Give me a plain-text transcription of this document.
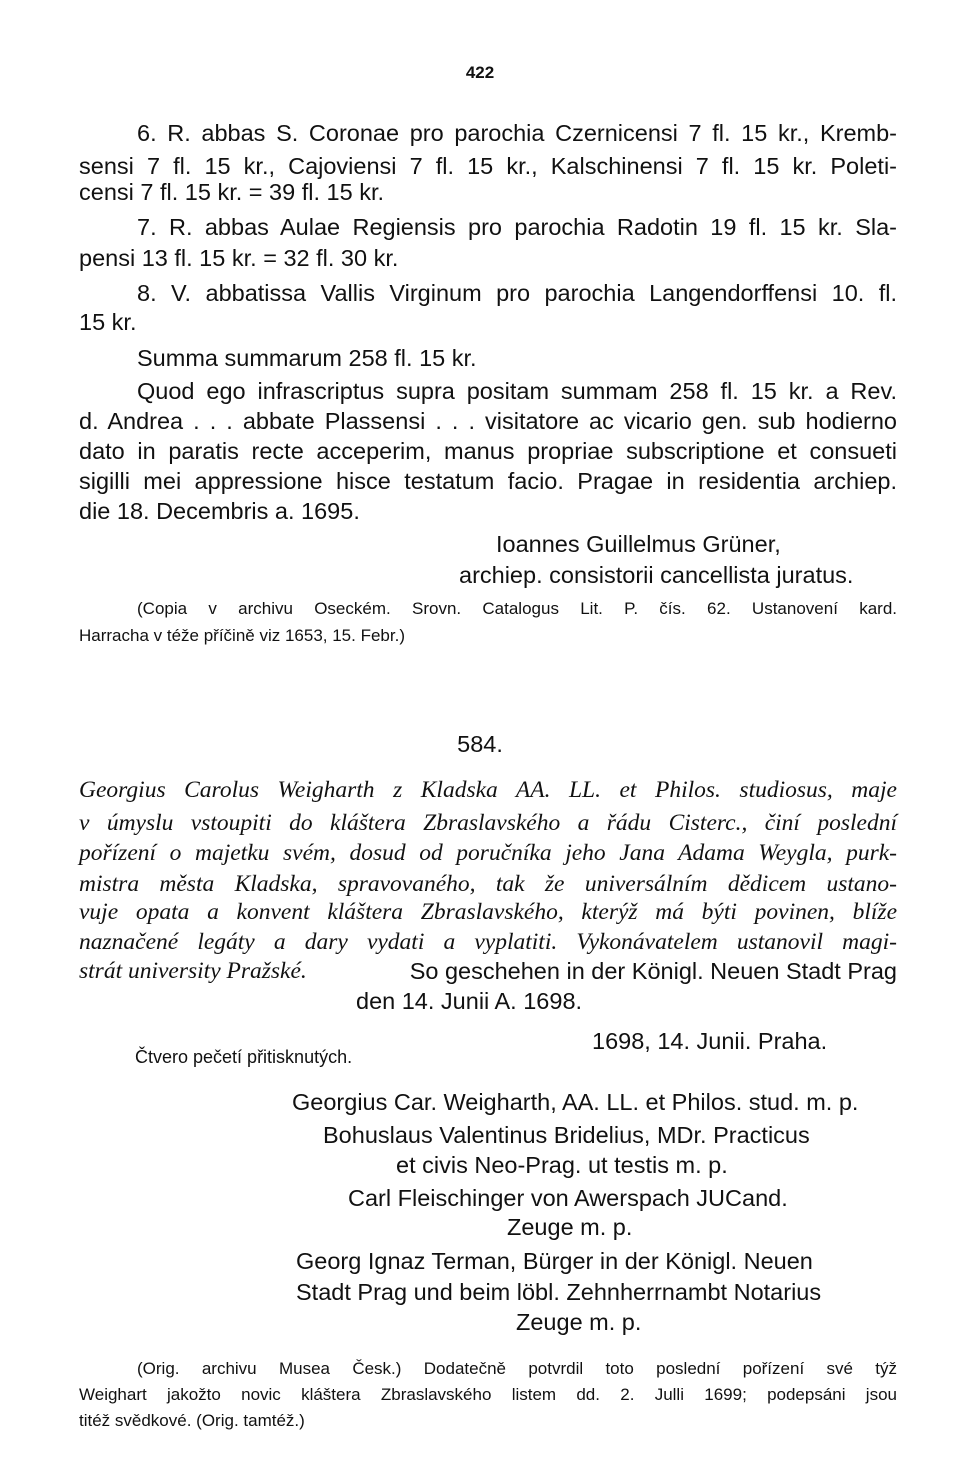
422
6. R. abbas S. Coronae pro parochia Czernicensi 7 fl. 15 kr., Kremb-
sensi 7 fl. 15 kr., Cajoviensi 7 fl. 15 kr., Kalschinensi 7 fl. 15 kr. Poleti-
censi 7 fl. 15 kr. = 39 fl. 15 kr.
7. R. abbas Aulae Regiensis pro parochia Radotin 19 fl. 15 kr. Sla-
pensi 13 fl. 15 kr. = 32 fl. 30 kr.
8. V. abbatissa Vallis Virginum pro parochia Langendorffensi 10. fl.
15 kr.
Summa summarum 258 fl. 15 kr.
Quod ego infrascriptus supra positam summam 258 fl. 15 kr. a Rev.
d. Andrea . . . abbate Plassensi . . . visitatore ac vicario gen. sub hodierno
dato in paratis recte acceperim, manus propriae subscriptione et consueti
sigilli mei appressione hisce testatum facio. Pragae in residentia archiep.
die 18. Decembris a. 1695.
Ioannes Guillelmus Grüner,
archiep. consistorii cancellista juratus.
(Copia v archivu Oseckém. Srovn. Catalogus Lit. P. čís. 62. Ustanovení kard.
Harracha v téže příčině viz 1653, 15. Febr.)
584.
Georgius Carolus Weigharth z Kladska AA. LL. et Philos. studiosus, maje
v úmyslu vstoupiti do kláštera Zbraslavského a řádu Cisterc., činí poslední
pořízení o majetku svém, dosud od poručníka jeho Jana Adama Weygla, purk-
mistra města Kladska, spravovaného, tak že universálním dědicem ustano-
vuje opata a konvent kláštera Zbraslavského, kterýž má býti povinen, blíže
naznačené legáty a dary vydati a vyplatiti. Vykonávatelem ustanovil magi-
strát university Pražské.	So geschehen in der Königl. Neuen Stadt Prag
den 14. Junii A. 1698.
1698, 14. Junii. Praha.
Čtvero pečetí přitisknutých.
Georgius Car. Weigharth, AA. LL. et Philos. stud. m. p.
Bohuslaus Valentinus Bridelius, MDr. Practicus
et civis Neo-Prag. ut testis m. p.
Carl Fleischinger von Awerspach JUCand.
Zeuge m. p.
Georg Ignaz Terman, Bürger in der Königl. Neuen
Stadt Prag und beim löbl. Zehnherrnambt Notarius
Zeuge m. p.
(Orig. archivu Musea Česk.) Dodatečně potvrdil toto poslední pořízení své týž
Weighart jakožto novic kláštera Zbraslavského listem dd. 2. Julli 1699; podepsáni jsou
titéž svědkové. (Orig. tamtéž.)
